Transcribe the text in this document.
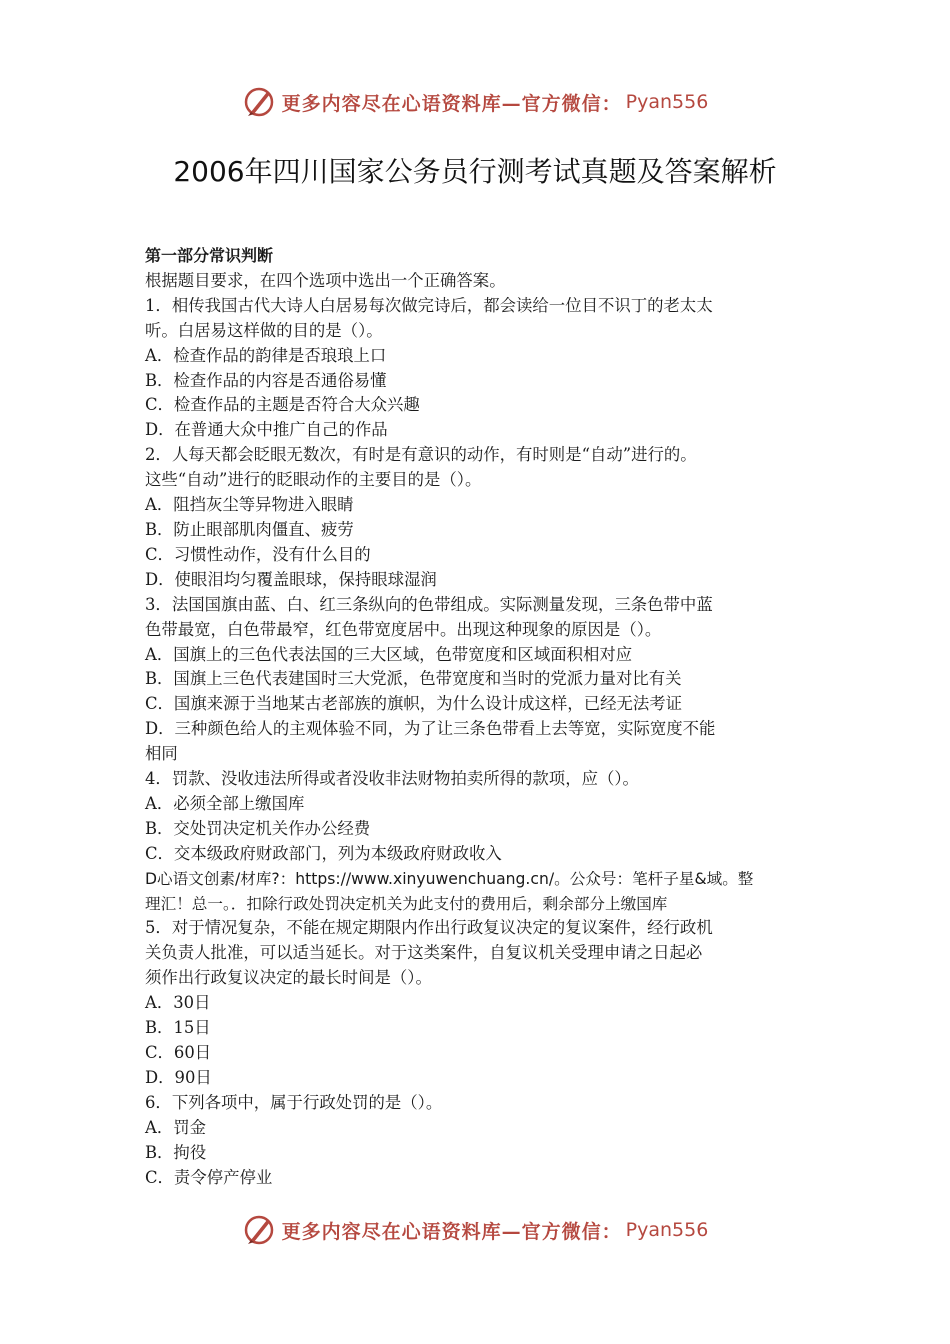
更多内容尽在心语资料库—官方微信： Pyan556
2006年四川国家公务员行测考试真题及答案解析
第一部分常识判断
根据题目要求，在四个选项中选出一个正确答案。
1．相传我国古代大诗人白居易每次做完诗后，都会读给一位目不识丁的老太太
听。白居易这样做的目的是（）。
A．检查作品的韵律是否琅琅上口
B．检查作品的内容是否通俗易懂
C．检查作品的主题是否符合大众兴趣
D．在普通大众中推广自己的作品
2．人每天都会眨眼无数次，有时是有意识的动作，有时则是“自动”进行的。
这些“自动”进行的眨眼动作的主要目的是（）。
A．阻挡灰尘等异物进入眼睛
B．防止眼部肌肉僵直、疲劳
C．习惯性动作，没有什么目的
D．使眼泪均匀覆盖眼球，保持眼球湿润
3．法国国旗由蓝、白、红三条纵向的色带组成。实际测量发现，三条色带中蓝
色带最宽，白色带最窄，红色带宽度居中。出现这种现象的原因是（）。
A．国旗上的三色代表法国的三大区域，色带宽度和区域面积相对应
B．国旗上三色代表建国时三大党派，色带宽度和当时的党派力量对比有关
C．国旗来源于当地某古老部族的旗帜，为什么设计成这样，已经无法考证
D．三种颜色给人的主观体验不同，为了让三条色带看上去等宽，实际宽度不能
相同
4．罚款、没收违法所得或者没收非法财物拍卖所得的款项，应（）。
A．必须全部上缴国库
B．交处罚决定机关作办公经费
C．交本级政府财政部门，列为本级政府财政收入
D心语文创素/材库?：https://www.xinyuwenchuang.cn/。公众号：笔杆子星&域。整
理汇！总一。．扣除行政处罚决定机关为此支付的费用后，剩余部分上缴国库
5．对于情况复杂，不能在规定期限内作出行政复议决定的复议案件，经行政机
关负责人批准，可以适当延长。对于这类案件，自复议机关受理申请之日起必
须作出行政复议决定的最长时间是（）。
A．30日
B．15日
C．60日
D．90日
6．下列各项中，属于行政处罚的是（）。
A．罚金
B．拘役
C．责令停产停业
更多内容尽在心语资料库—官方微信： Pyan556
